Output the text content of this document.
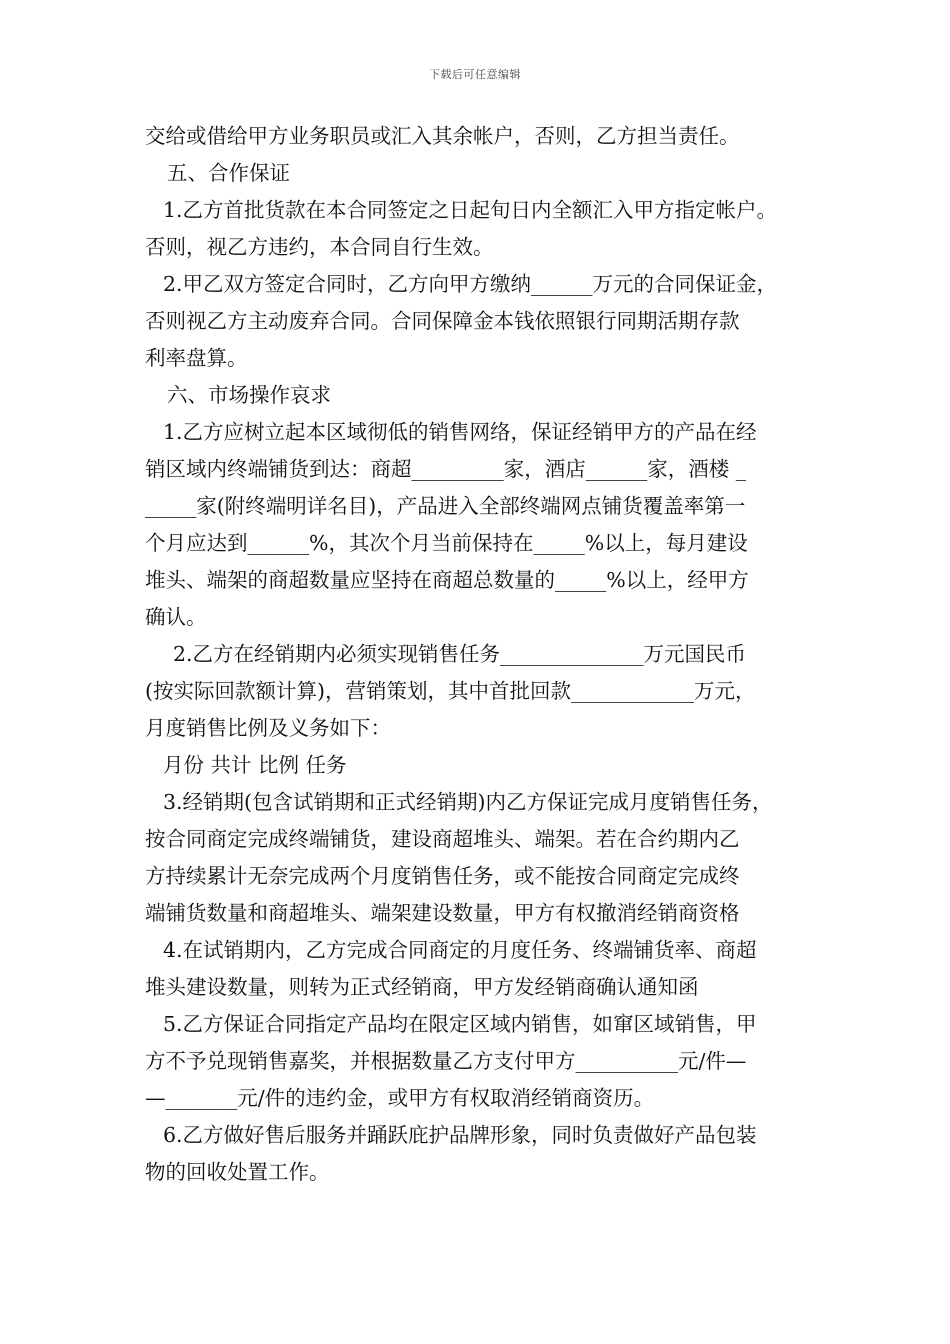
下载后可任意编辑
交给或借给甲方业务职员或汇入其余帐户，否则，乙方担当责任。
五、合作保证
1.乙方首批货款在本合同签定之日起旬日内全额汇入甲方指定帐户。
否则，视乙方违约，本合同自行生效。
2.甲乙双方签定合同时，乙方向甲方缴纳______万元的合同保证金，
否则视乙方主动废弃合同。合同保障金本钱依照银行同期活期存款
利率盘算。
六、市场操作哀求
1.乙方应树立起本区域彻低的销售网络，保证经销甲方的产品在经
销区域内终端铺货到达：商超_________家，酒店______家，酒楼 _
_____家(附终端明详名目)，产品进入全部终端网点铺货覆盖率第一
个月应达到______%，其次个月当前保持在_____%以上，每月建设
堆头、端架的商超数量应坚持在商超总数量的_____%以上，经甲方
确认。
2.乙方在经销期内必须实现销售任务______________万元国民币
(按实际回款额计算)，营销策划，其中首批回款____________万元，
月度销售比例及义务如下：
月份 共计 比例 任务
3.经销期(包含试销期和正式经销期)内乙方保证完成月度销售任务，
按合同商定完成终端铺货，建设商超堆头、端架。若在合约期内乙
方持续累计无奈完成两个月度销售任务，或不能按合同商定完成终
端铺货数量和商超堆头、端架建设数量，甲方有权撤消经销商资格
4.在试销期内，乙方完成合同商定的月度任务、终端铺货率、商超
堆头建设数量，则转为正式经销商，甲方发经销商确认通知函
5.乙方保证合同指定产品均在限定区域内销售，如窜区域销售，甲
方不予兑现销售嘉奖，并根据数量乙方支付甲方__________元/件—
—_______元/件的违约金，或甲方有权取消经销商资历。
6.乙方做好售后服务并踊跃庇护品牌形象，同时负责做好产品包装
物的回收处置工作。
